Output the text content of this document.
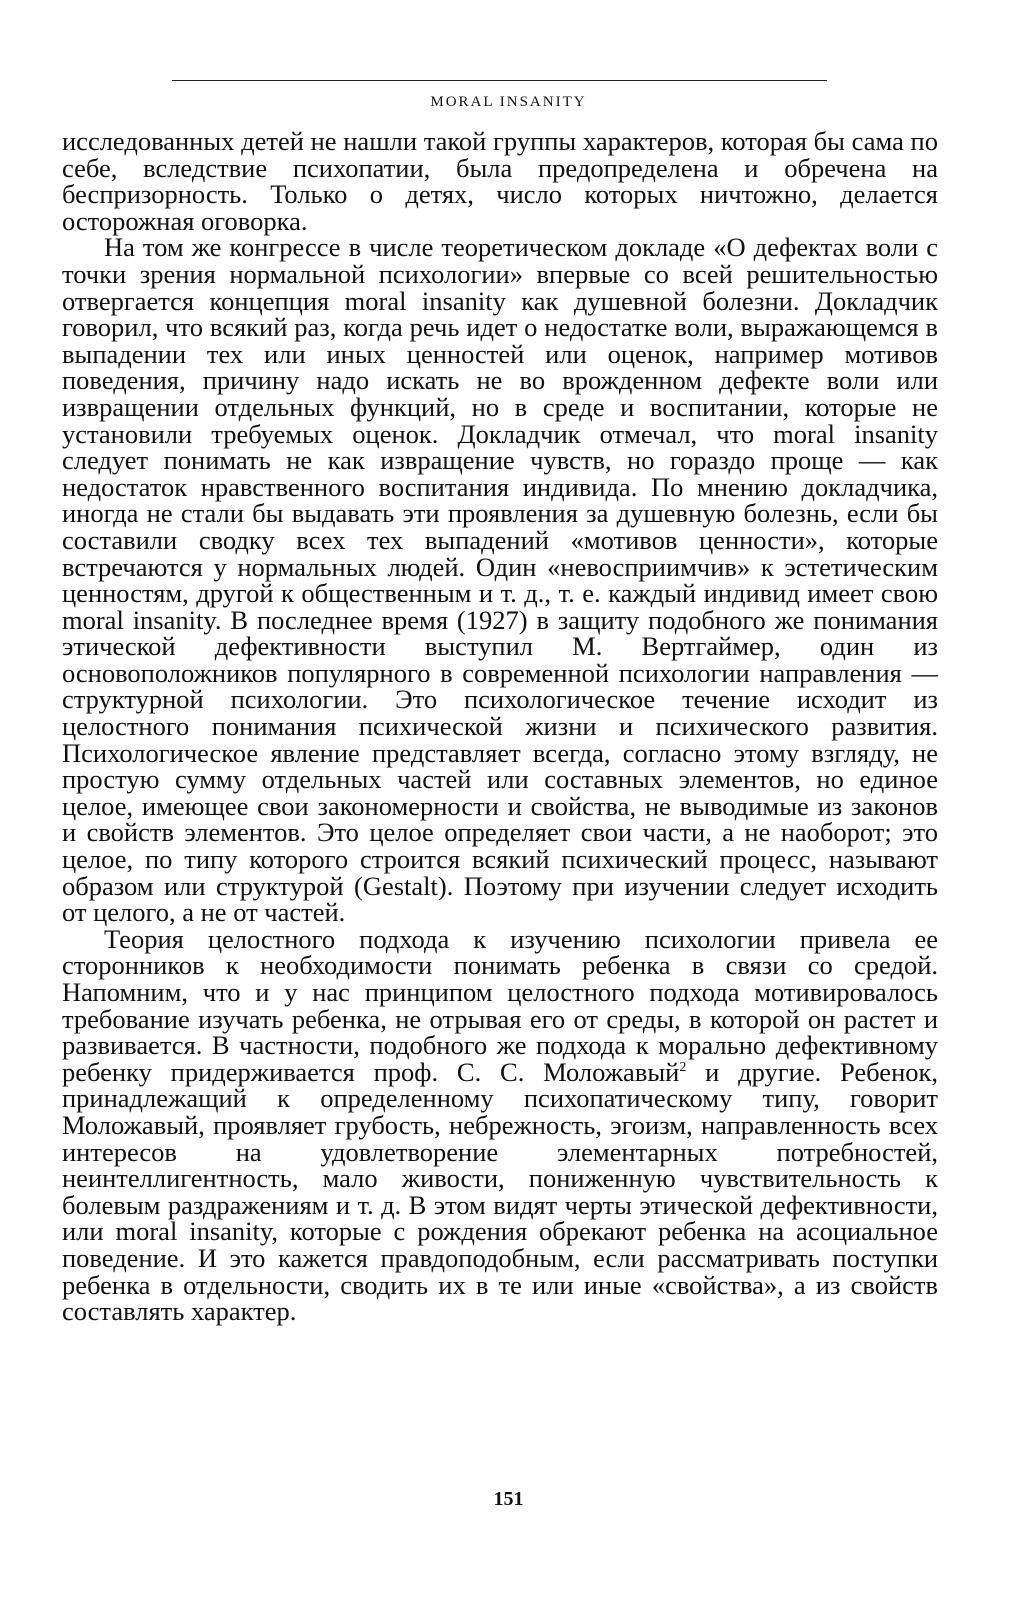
MORAL INSANITY

исследованных детей не нашли такой группы характеров, которая бы сама по себе, вследствие психопатии, была предопределена и обречена на беспризорность. Только о детях, число которых ничтожно, делается осторожная оговорка.

На том же конгрессе в числе теоретическом докладе «О дефектах воли с точки зрения нормальной психологии» впервые со всей решительностью отвергается концепция moral insanity как душевной болезни. Докладчик говорил, что всякий раз, когда речь идет о недостатке воли, выражающемся в выпадении тех или иных ценностей или оценок, например мотивов поведения, причину надо искать не во врожденном дефекте воли или извращении отдельных функций, но в среде и воспитании, которые не установили требуемых оценок. Докладчик отмечал, что moral insanity следует понимать не как извращение чувств, но гораздо проще — как недостаток нравственного воспитания индивида. По мнению докладчика, иногда не стали бы выдавать эти проявления за душевную болезнь, если бы составили сводку всех тех выпадений «мотивов ценности», которые встречаются у нормальных людей. Один «невосприимчив» к эстетическим ценностям, другой к общественным и т. д., т. е. каждый индивид имеет свою moral insanity. В последнее время (1927) в защиту подобного же понимания этической дефективности выступил М. Вертгаймер, один из основоположников популярного в современной психологии направления — структурной психологии. Это психологическое течение исходит из целостного понимания психической жизни и психического развития. Психологическое явление представляет всегда, согласно этому взгляду, не простую сумму отдельных частей или составных элементов, но единое целое, имеющее свои закономерности и свойства, не выводимые из законов и свойств элементов. Это целое определяет свои части, а не наоборот; это целое, по типу которого строится всякий психический процесс, называют образом или структурой (Gestalt). Поэтому при изучении следует исходить от целого, а не от частей.

Теория целостного подхода к изучению психологии привела ее сторонников к необходимости понимать ребенка в связи со средой. Напомним, что и у нас принципом целостного подхода мотивировалось требование изучать ребенка, не отрывая его от среды, в которой он растет и развивается. В частности, подобного же подхода к морально дефективному ребенку придерживается проф. С. С. Моложавый$^2$ и другие. Ребенок, принадлежащий к определенному психопатическому типу, говорит Моложавый, проявляет грубость, небрежность, эгоизм, направленность всех интересов на удовлетворение элементарных потребностей, неинтеллигентность, мало живости, пониженную чувствительность к болевым раздражениям и т. д. В этом видят черты этической дефективности, или moral insanity, которые с рождения обрекают ребенка на асоциальное поведение. И это кажется правдоподобным, если рассматривать поступки ребенка в отдельности, сводить их в те или иные «свойства», а из свойств составлять характер.

151
